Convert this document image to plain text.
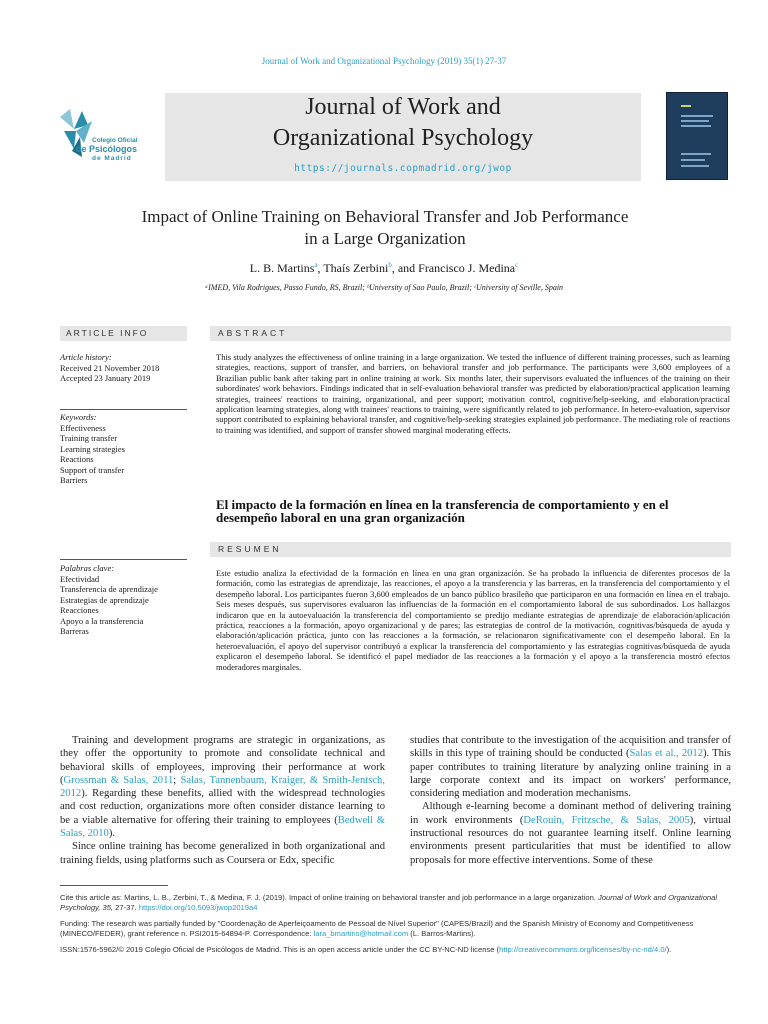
Journal of Work and Organizational Psychology (2019) 35(1) 27-37
Colegio Oficial
de Psicólogos
de Madrid
Journal of Work and
Organizational Psychology
https://journals.copmadrid.org/jwop
Impact of Online Training on Behavioral Transfer and Job Performance
in a Large Organization
L. B. Martins$^a$, Thaís Zerbini$^b$, and Francisco J. Medina$^c$
ᵃIMED, Vila Rodrigues, Passo Fundo, RS, Brazil; ᵇUniversity of Sao Paulo, Brazil; ᶜUniversity of Seville, Spain
ARTICLE INFO
Article history:
Received 21 November 2018
Accepted 23 January 2019
Keywords:
Effectiveness
Training transfer
Learning strategies
Reactions
Support of transfer
Barriers
ABSTRACT
This study analyzes the effectiveness of online training in a large organization. We tested the influence of different training processes, such as learning strategies, reactions, support of transfer, and barriers, on behavioral transfer and job performance. The participants were 3,600 employees of a Brazilian public bank after taking part in online training at work. Six months later, their supervisors evaluated the influences of the training on their subordinates' work behaviors. Findings indicated that in self-evaluation behavioral transfer was predicted by elaboration/practical application learning strategies, trainees' reactions to training, organizational, and peer support; motivation control, cognitive/help-seeking, and elaboration/practical application learning strategies, along with trainees' reactions to training, were significantly related to job performance. In hetero-evaluation, supervisor support contributed to explaining behavioral transfer, and cognitive/help-seeking strategies explained job performance. The mediating role of reactions to training was identified, and support of transfer showed marginal moderating effects.
El impacto de la formación en línea en la transferencia de comportamiento y en el desempeño laboral en una gran organización
Palabras clave:
Efectividad
Transferencia de aprendizaje
Estrategias de aprendizaje
Reacciones
Apoyo a la transferencia
Barreras
RESUMEN
Este estudio analiza la efectividad de la formación en línea en una gran organización. Se ha probado la influencia de diferentes procesos de la formación, como las estrategias de aprendizaje, las reacciones, el apoyo a la transferencia y las barreras, en la transferencia del comportamiento y el desempeño laboral. Los participantes fueron 3,600 empleados de un banco público brasileño que participaron en una formación en línea en el trabajo. Seis meses después, sus supervisores evaluaron las influencias de la formación en el comportamiento laboral de sus subordinados. Los hallazgos indicaron que en la autoevaluación la transferencia del comportamiento se predijo mediante estrategias de aprendizaje de elaboración/aplicación práctica, reacciones a la formación, apoyo organizacional y de pares; las estrategias de control de la motivación, cognitivas/búsqueda de ayuda y elaboración/aplicación práctica, junto con las reacciones a la formación, se relacionaron significativamente con el desempeño laboral. En la heteroevaluación, el apoyo del supervisor contribuyó a explicar la transferencia del comportamiento y las estrategias cognitivas/búsqueda de ayuda explicaron el desempeño laboral. Se identificó el papel mediador de las reacciones a la formación y el apoyo a la transferencia mostró efectos moderadores marginales.

Training and development programs are strategic in organizations, as they offer the opportunity to promote and consolidate technical and behavioral skills of employees, improving their performance at work (Grossman & Salas, 2011; Salas, Tannenbaum, Kraiger, & Smith-Jentsch, 2012). Regarding these benefits, allied with the widespread technologies and cost reduction, organizations more often consider distance learning to be a viable alternative for offering their training to employees (Bedwell & Salas, 2010).

Since online training has become generalized in both organizational and training fields, using platforms such as Coursera or Edx, specific

studies that contribute to the investigation of the acquisition and transfer of skills in this type of training should be conducted (Salas et al., 2012). This paper contributes to training literature by analyzing online training in a large corporate context and its impact on workers' performance, considering mediation and moderation mechanisms.

Although e-learning become a dominant method of delivering training in work environments (DeRouin, Fritzsche, & Salas, 2005), virtual instructional resources do not guarantee learning itself. Online learning environments present particularities that must be identified to allow proposals for more effective interventions. Some of these

Cite this article as: Martins, L. B., Zerbini, T., & Medina, F. J. (2019). Impact of online training on behavioral transfer and job performance in a large organization. Journal of Work and Organizational Psychology, 35, 27-37. https://doi.org/10.5093/jwop2019a4
Funding: The research was partially funded by "Coordenação de Aperfeiçoamento de Pessoal de Nível Superior" (CAPES/Brazil) and the Spanish Ministry of Economy and Competitiveness (MINECO/FEDER), grant reference n. PSI2015-64894-P. Correspondence: lara_bmartins@hotmail.com (L. Barros-Martins).
ISSN:1576-5962/© 2019 Colegio Oficial de Psicólogos de Madrid. This is an open access article under the CC BY-NC-ND license (http://creativecommons.org/licenses/by-nc-nd/4.0/).
